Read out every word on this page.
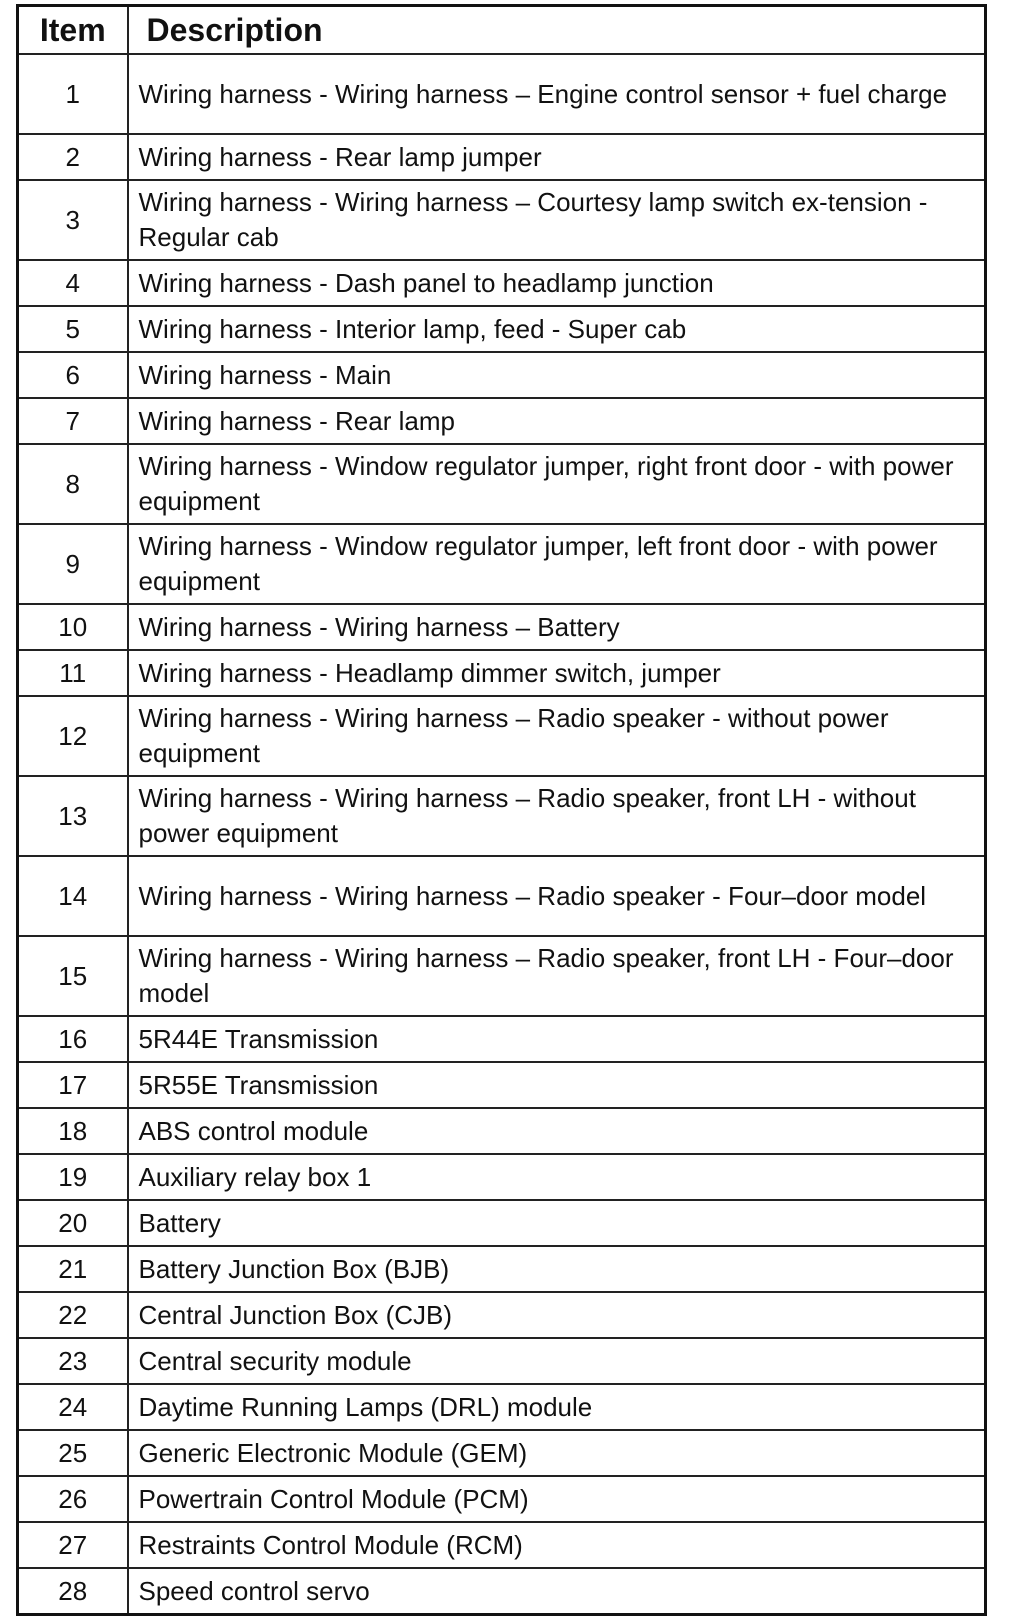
Item	Description
1	Wiring harness - Wiring harness – Engine control sensor + fuel charge
2	Wiring harness - Rear lamp jumper
3	Wiring harness - Wiring harness – Courtesy lamp switch ex-tension - Regular cab
4	Wiring harness - Dash panel to headlamp junction
5	Wiring harness - Interior lamp, feed - Super cab
6	Wiring harness - Main
7	Wiring harness - Rear lamp
8	Wiring harness - Window regulator jumper, right front door - with power equipment
9	Wiring harness - Window regulator jumper, left front door - with power equipment
10	Wiring harness - Wiring harness – Battery
11	Wiring harness - Headlamp dimmer switch, jumper
12	Wiring harness - Wiring harness – Radio speaker - without power equipment
13	Wiring harness - Wiring harness – Radio speaker, front LH - without power equipment
14	Wiring harness - Wiring harness – Radio speaker - Four–door model
15	Wiring harness - Wiring harness – Radio speaker, front LH - Four–door model
16	5R44E Transmission
17	5R55E Transmission
18	ABS control module
19	Auxiliary relay box 1
20	Battery
21	Battery Junction Box (BJB)
22	Central Junction Box (CJB)
23	Central security module
24	Daytime Running Lamps (DRL) module
25	Generic Electronic Module (GEM)
26	Powertrain Control Module (PCM)
27	Restraints Control Module (RCM)
28	Speed control servo
